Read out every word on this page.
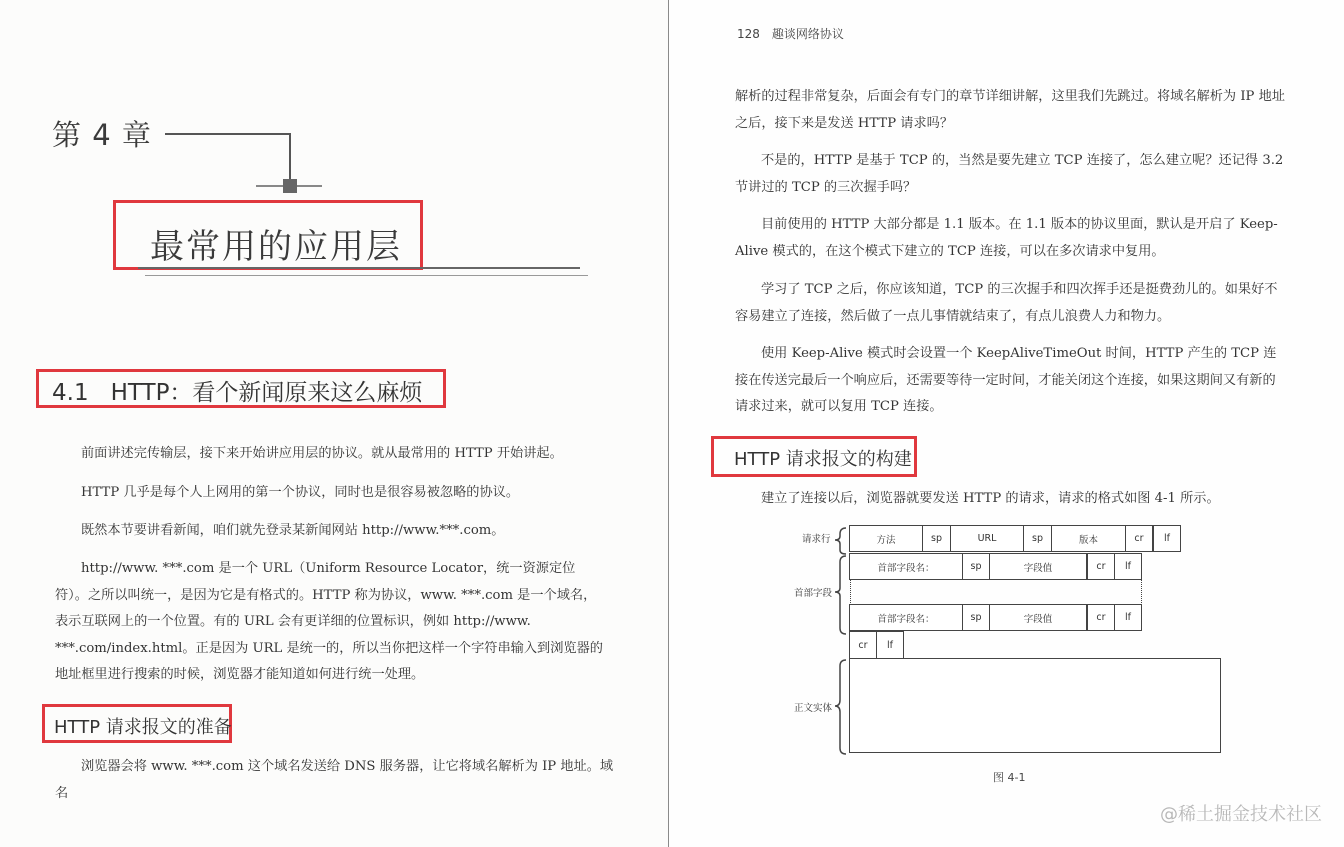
第 4 章
最常用的应用层
4.1 HTTP：看个新闻原来这么麻烦
前面讲述完传输层，接下来开始讲应用层的协议。就从最常用的 HTTP 开始讲起。
HTTP 几乎是每个人上网用的第一个协议，同时也是很容易被忽略的协议。
既然本节要讲看新闻，咱们就先登录某新闻网站 http://www.***.com。
http://www. ***.com 是一个 URL（Uniform Resource Locator，统一资源定位符）。之所以叫统一，是因为它是有格式的。HTTP 称为协议，www. ***.com 是一个域名，表示互联网上的一个位置。有的 URL 会有更详细的位置标识，例如 http://www. ***.com/index.html。正是因为 URL 是统一的，所以当你把这样一个字符串输入到浏览器的地址框里进行搜索的时候，浏览器才能知道如何进行统一处理。
HTTP 请求报文的准备
浏览器会将 www. ***.com 这个域名发送给 DNS 服务器，让它将域名解析为 IP 地址。域名
128 趣谈网络协议
解析的过程非常复杂，后面会有专门的章节详细讲解，这里我们先跳过。将域名解析为 IP 地址之后，接下来是发送 HTTP 请求吗？
不是的，HTTP 是基于 TCP 的，当然是要先建立 TCP 连接了，怎么建立呢？还记得 3.2 节讲过的 TCP 的三次握手吗？
目前使用的 HTTP 大部分都是 1.1 版本。在 1.1 版本的协议里面，默认是开启了 Keep-Alive 模式的，在这个模式下建立的 TCP 连接，可以在多次请求中复用。
学习了 TCP 之后，你应该知道，TCP 的三次握手和四次挥手还是挺费劲儿的。如果好不容易建立了连接，然后做了一点儿事情就结束了，有点儿浪费人力和物力。
使用 Keep-Alive 模式时会设置一个 KeepAliveTimeOut 时间，HTTP 产生的 TCP 连接在传送完最后一个响应后，还需要等待一定时间，才能关闭这个连接，如果这期间又有新的请求过来，就可以复用 TCP 连接。
HTTP 请求报文的构建
建立了连接以后，浏览器就要发送 HTTP 的请求，请求的格式如图 4-1 所示。
请求行
首部字段
正文实体
方法	sp	URL	sp	版本	cr	lf
首部字段名：	sp	字段值	cr	lf
首部字段名：	sp	字段值	cr	lf
cr	lf
图 4-1
@稀土掘金技术社区
